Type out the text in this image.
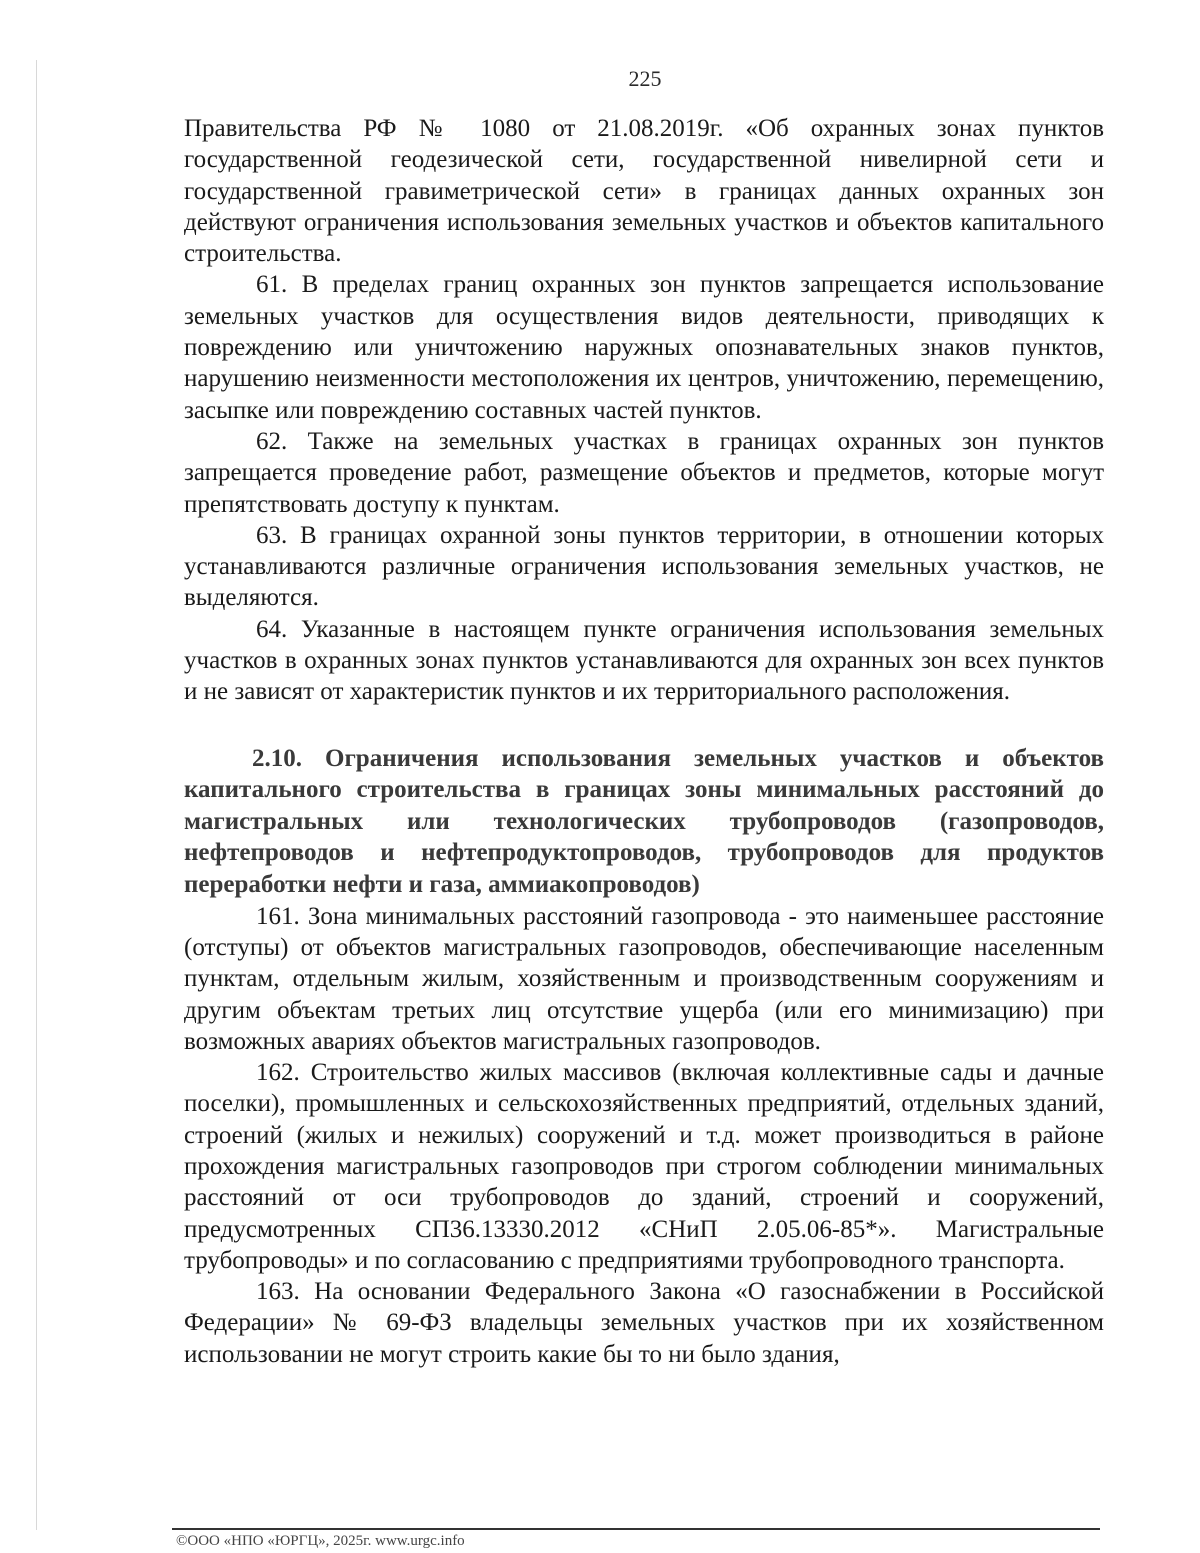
225

Правительства РФ № 1080 от 21.08.2019г. «Об охранных зонах пунктов государственной геодезической сети, государственной нивелирной сети и государственной гравиметрической сети» в границах данных охранных зон действуют ограничения использования земельных участков и объектов капитального строительства.

61. В пределах границ охранных зон пунктов запрещается использование земельных участков для осуществления видов деятельности, приводящих к повреждению или уничтожению наружных опознавательных знаков пунктов, нарушению неизменности местоположения их центров, уничтожению, перемещению, засыпке или повреждению составных частей пунктов.

62. Также на земельных участках в границах охранных зон пунктов запрещается проведение работ, размещение объектов и предметов, которые могут препятствовать доступу к пунктам.

63. В границах охранной зоны пунктов территории, в отношении которых устанавливаются различные ограничения использования земельных участков, не выделяются.

64. Указанные в настоящем пункте ограничения использования земельных участков в охранных зонах пунктов устанавливаются для охранных зон всех пунктов и не зависят от характеристик пунктов и их территориального расположения.

2.10. Ограничения использования земельных участков и объектов капитального строительства в границах зоны минимальных расстояний до магистральных или технологических трубопроводов (газопроводов, нефтепроводов и нефтепродуктопроводов, трубопроводов для продуктов переработки нефти и газа, аммиакопроводов)

161. Зона минимальных расстояний газопровода - это наименьшее расстояние (отступы) от объектов магистральных газопроводов, обеспечивающие населенным пунктам, отдельным жилым, хозяйственным и производственным сооружениям и другим объектам третьих лиц отсутствие ущерба (или его минимизацию) при возможных авариях объектов магистральных газопроводов.

162. Строительство жилых массивов (включая коллективные сады и дачные поселки), промышленных и сельскохозяйственных предприятий, отдельных зданий, строений (жилых и нежилых) сооружений и т.д. может производиться в районе прохождения магистральных газопроводов при строгом соблюдении минимальных расстояний от оси трубопроводов до зданий, строений и сооружений, предусмотренных СП36.13330.2012 «СНиП 2.05.06-85*». Магистральные трубопроводы» и по согласованию с предприятиями трубопроводного транспорта.

163. На основании Федерального Закона «О газоснабжении в Российской Федерации» № 69-ФЗ владельцы земельных участков при их хозяйственном использовании не могут строить какие бы то ни было здания,

©ООО «НПО «ЮРГЦ», 2025г. www.urgc.info
